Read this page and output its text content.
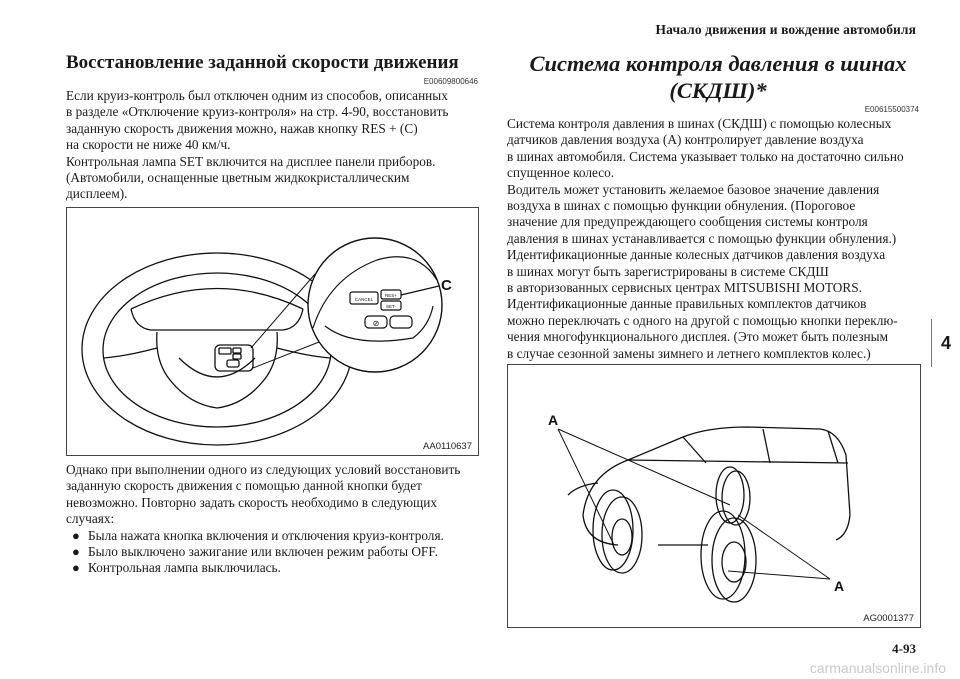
Начало движения и вождение автомобиля
4
4-93
carmanualsonline.info
Восстановление заданной скорости движения
E00609800646

Если круиз-контроль был отключен одним из способов, описанных
в разделе «Отключение круиз-контроля» на стр. 4-90, восстановить
заданную скорость движения можно, нажав кнопку RES + (С)
на скорости не ниже 40 км/ч.
Контрольная лампа SET включится на дисплее панели приборов.
(Автомобили, оснащенные цветным жидкокристаллическим
дисплеем).

CANCEL
RES+
SET-
⊘
C
AA0110637

Однако при выполнении одного из следующих условий восстановить
заданную скорость движения с помощью данной кнопки будет
невозможно. Повторно задать скорость необходимо в следующих
случаях:

● Была нажата кнопка включения и отключения круиз-контроля.
● Было выключено зажигание или включен режим работы OFF.
● Контрольная лампа выключилась.
Система контроля давления в шинах
(СКДШ)*
E00615500374

Система контроля давления в шинах (СКДШ) с помощью колесных
датчиков давления воздуха (А) контролирует давление воздуха
в шинах автомобиля. Система указывает только на достаточно сильно
спущенное колесо.
Водитель может установить желаемое базовое значение давления
воздуха в шинах с помощью функции обнуления. (Пороговое
значение для предупреждающего сообщения системы контроля
давления в шинах устанавливается с помощью функции обнуления.)
Идентификационные данные колесных датчиков давления воздуха
в шинах могут быть зарегистрированы в системе СКДШ
в авторизованных сервисных центрах MITSUBISHI MOTORS.
Идентификационные данные правильных комплектов датчиков
можно переключать с одного на другой с помощью кнопки переклю-
чения многофункционального дисплея. (Это может быть полезным
в случае сезонной замены зимнего и летнего комплектов колес.)

A
A
AG0001377
